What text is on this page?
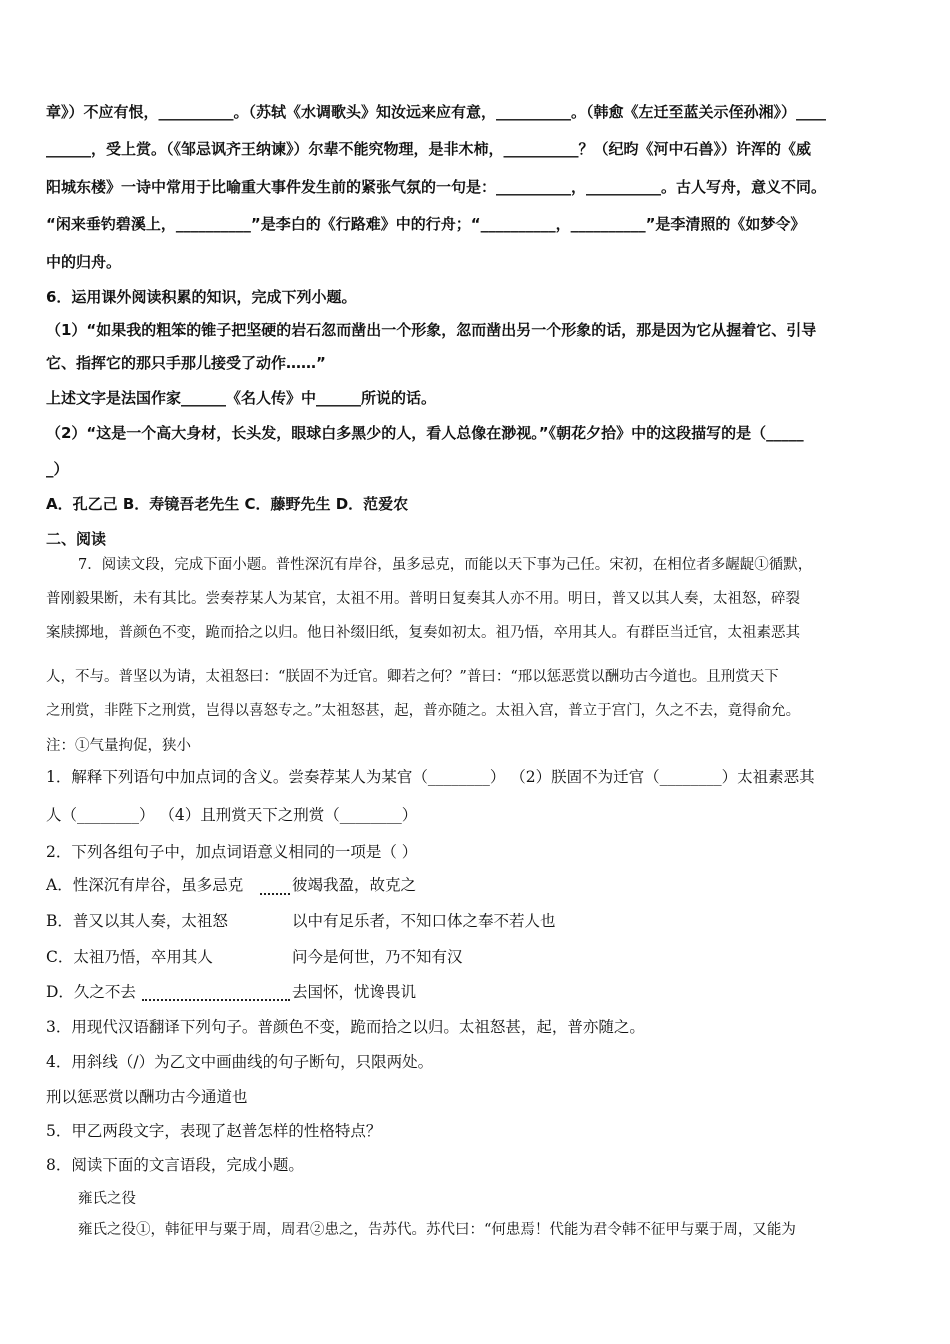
章》）不应有恨，__________。（苏轼《水调歌头》知汝远来应有意，__________。（韩愈《左迁至蓝关示侄孙湘》）____
______，受上赏。（《邹忌讽齐王纳谏》）尔辈不能究物理，是非木柿，__________？（纪昀《河中石兽》）许浑的《威
阳城东楼》一诗中常用于比喻重大事件发生前的紧张气氛的一句是：__________，__________。古人写舟，意义不同。
“闲来垂钓碧溪上，__________”是李白的《行路难》中的行舟；“__________，__________”是李清照的《如梦令》
中的归舟。
6．运用课外阅读积累的知识，完成下列小题。
（1）“如果我的粗笨的锥子把坚硬的岩石忽而凿出一个形象，忽而凿出另一个形象的话，那是因为它从握着它、引导
它、指挥它的那只手那儿接受了动作……”
上述文字是法国作家______《名人传》中______所说的话。
（2）“这是一个高大身材，长头发，眼球白多黑少的人，看人总像在渺视。”《朝花夕拾》中的这段描写的是（_____
_）
A．孔乙己 B．寿镜吾老先生 C．藤野先生 D．范爱农
二、阅读
7．阅读文段，完成下面小题。普性深沉有岸谷，虽多忌克，而能以天下事为己任。宋初，在相位者多龌龊①循默，
普刚毅果断，未有其比。尝奏荐某人为某官，太祖不用。普明日复奏其人亦不用。明日，普又以其人奏，太祖怒，碎裂
案牍掷地，普颜色不变，跪而拾之以归。他日补缀旧纸，复奏如初太。祖乃悟，卒用其人。有群臣当迁官，太祖素恶其
人，不与。普坚以为请，太祖怒曰：“朕固不为迁官。卿若之何？”普曰：“邢以惩恶赏以酬功古今道也。且刑赏天下
之刑赏，非陛下之刑赏，岂得以喜怒专之。”太祖怒甚，起，普亦随之。太祖入宫，普立于宫门，久之不去，竟得俞允。
注：①气量拘促，狭小
1．解释下列语句中加点词的含义。尝奏荐某人为某官（________） （2）朕固不为迁官（________）太祖素恶其
人（________） （4）且刑赏天下之刑赏（________）
2．下列各组句子中，加点词语意义相同的一项是（ ）
A．性深沉有岸谷，虽多忌克	彼竭我盈，故克之
B．普又以其人奏，太祖怒	以中有足乐者，不知口体之奉不若人也
C．太祖乃悟，卒用其人	问今是何世，乃不知有汉
D．久之不去	去国怀，忧谗畏讥
3．用现代汉语翻译下列句子。普颜色不变，跪而拾之以归。太祖怒甚，起，普亦随之。
4．用斜线（/）为乙文中画曲线的句子断句，只限两处。
刑以惩恶赏以酬功古今通道也
5．甲乙两段文字，表现了赵普怎样的性格特点？
8．阅读下面的文言语段，完成小题。
雍氏之役
雍氏之役①，韩征甲与粟于周，周君②患之，告苏代。苏代曰：“何患焉！代能为君令韩不征甲与粟于周，又能为
